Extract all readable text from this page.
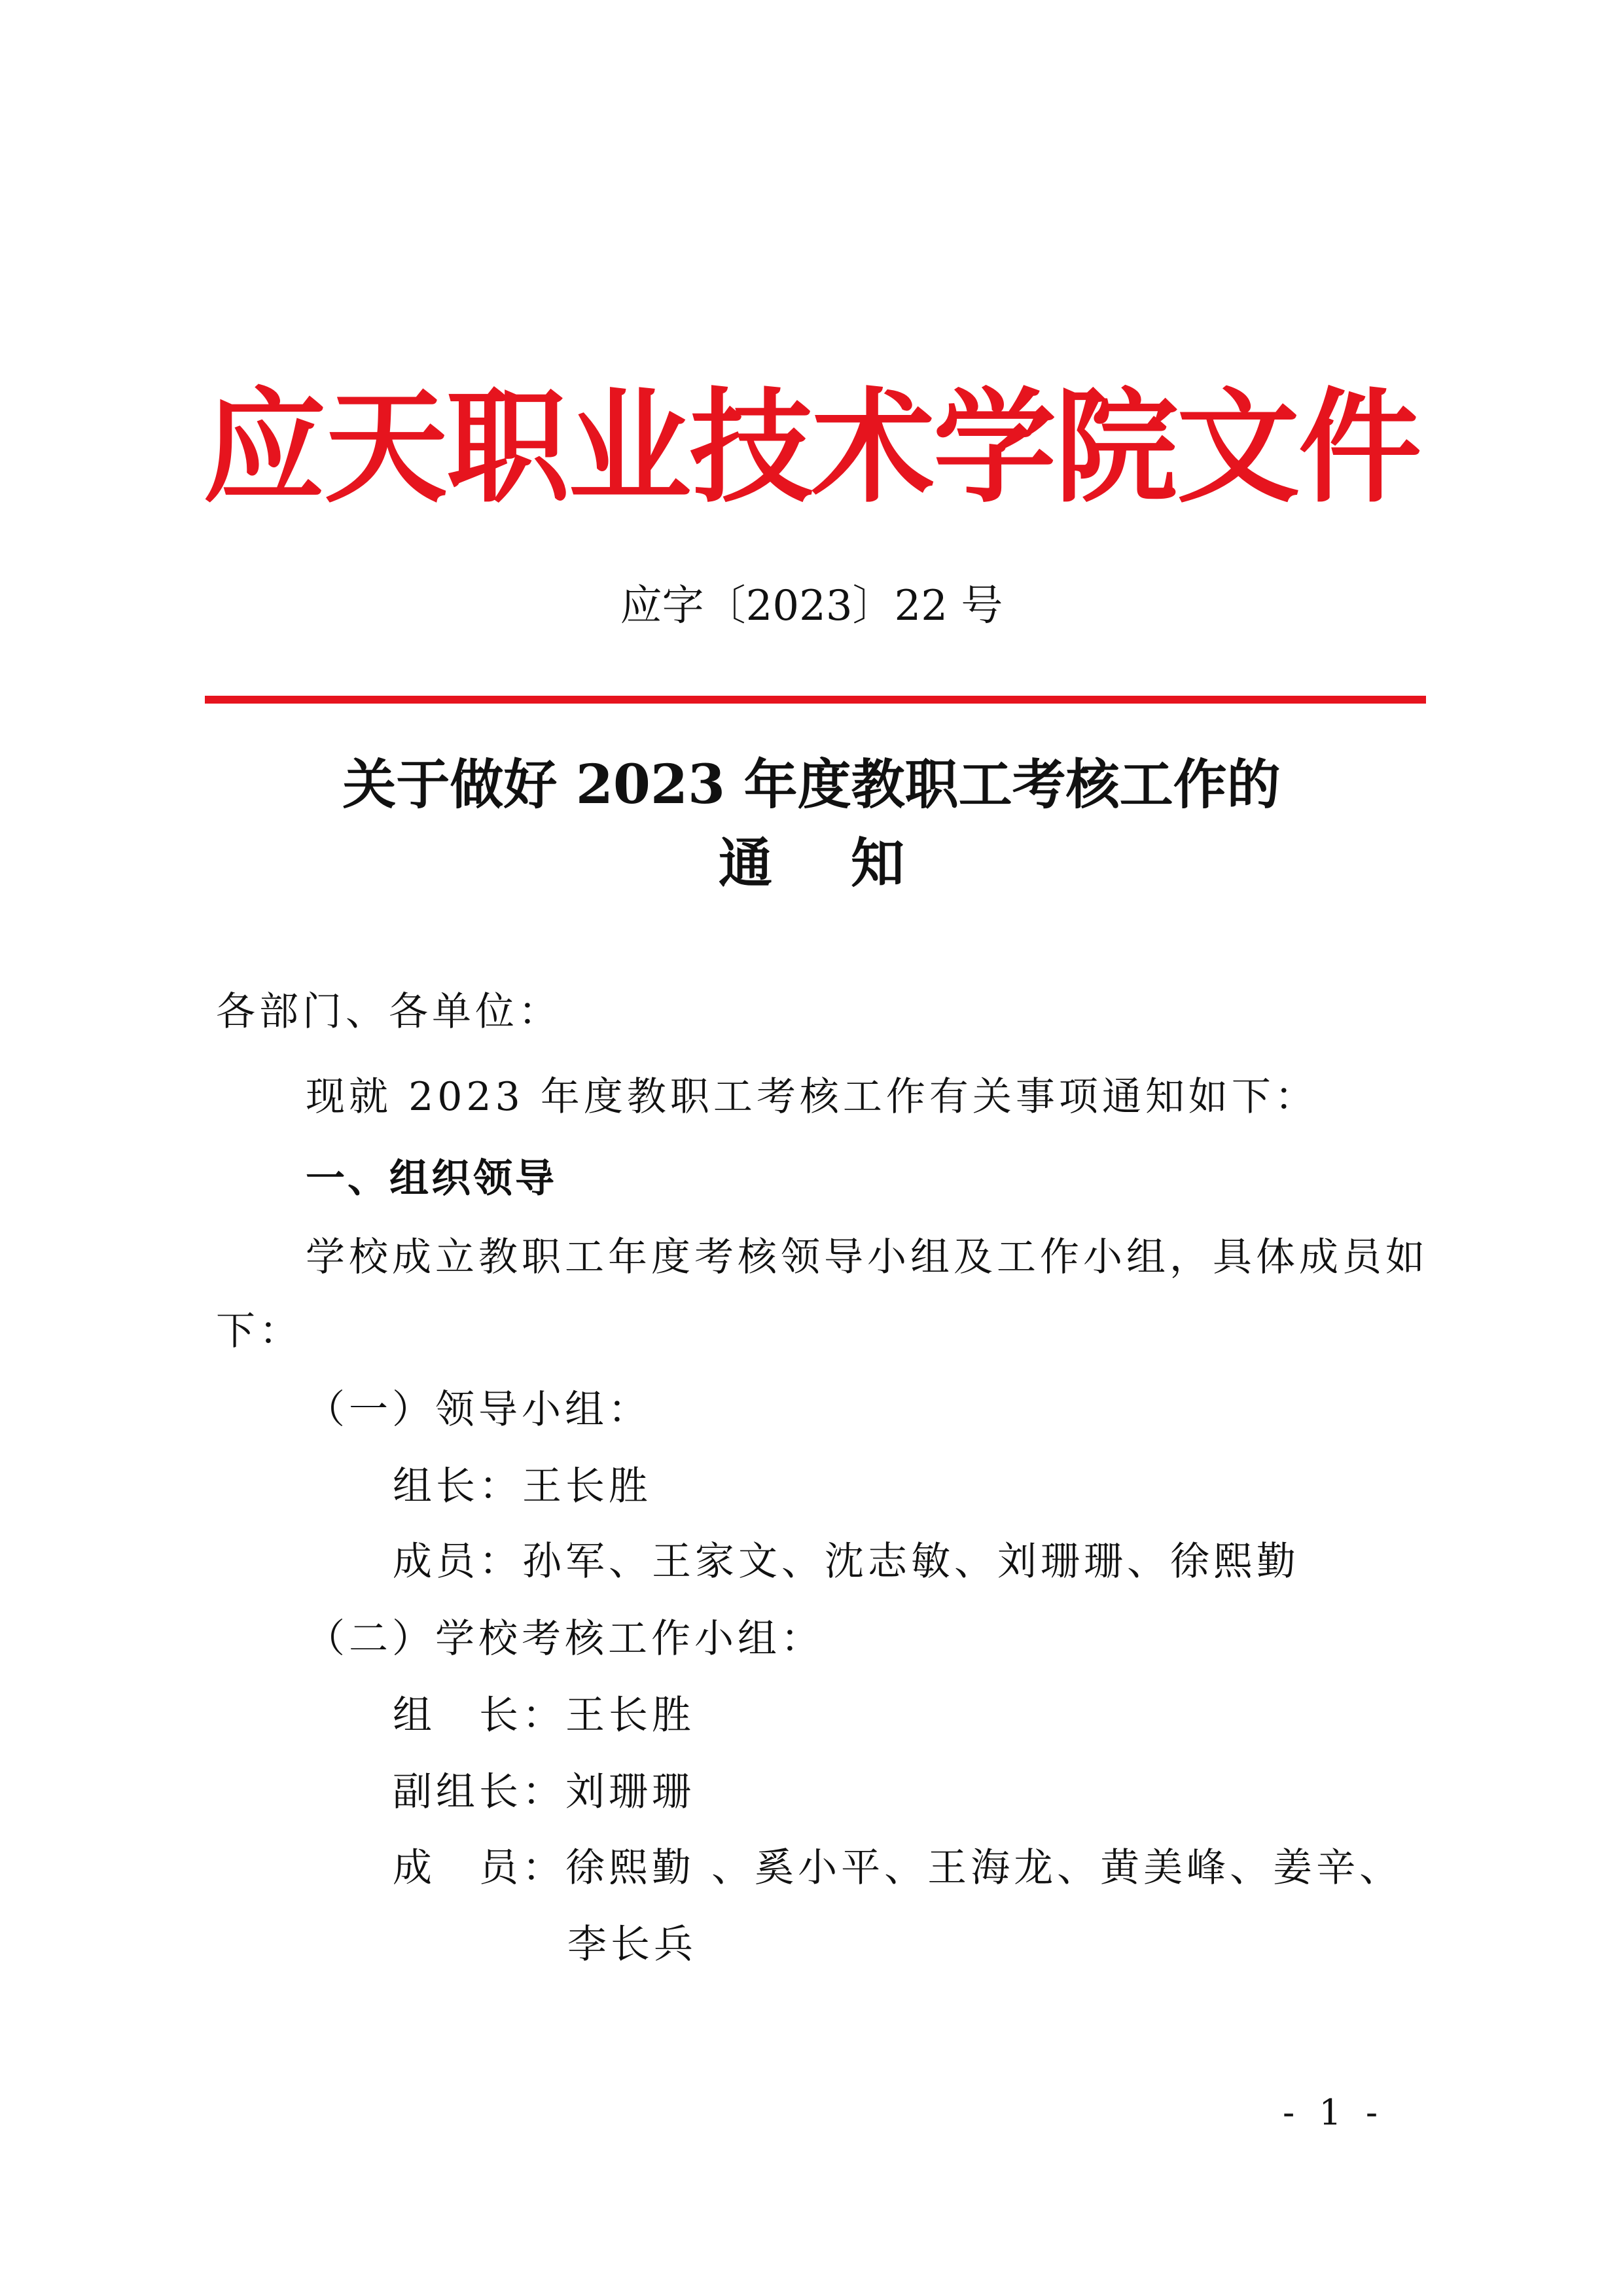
应天职业技术学院文件
应字〔2023〕22 号
关于做好 2023 年度教职工考核工作的
通知
各部门、各单位：
现就 2023 年度教职工考核工作有关事项通知如下：
一、组织领导
学校成立教职工年度考核领导小组及工作小组，具体成员如
下：
（一）领导小组：
组长：王长胜
成员：孙军、王家文、沈志敏、刘珊珊、徐熙勤
（二）学校考核工作小组：
组　长：王长胜
副组长：刘珊珊
成　员：徐熙勤 、奚小平、王海龙、黄美峰、姜辛、
李长兵
- 1 -
